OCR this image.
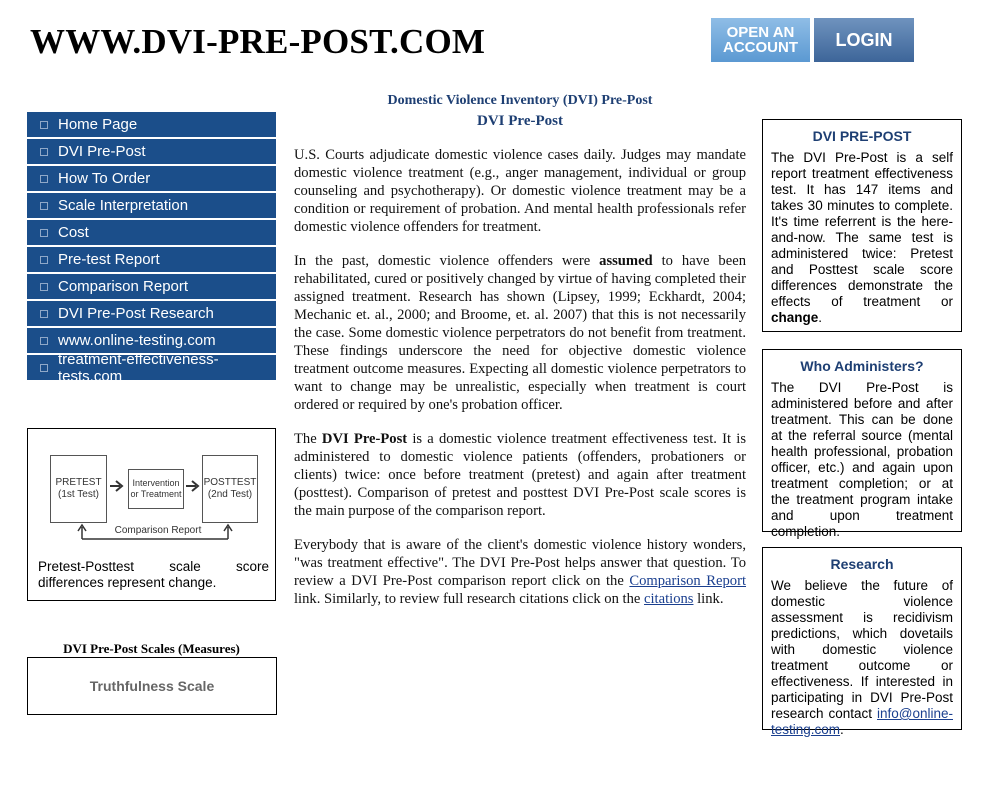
WWW.DVI-PRE-POST.COM	OPEN AN ACCOUNT	LOGIN
Home Page
DVI Pre-Post
How To Order
Scale Interpretation
Cost
Pre-test Report
Comparison Report
DVI Pre-Post Research
www.online-testing.com
treatment-effectiveness-tests.com
PRETEST
(1st Test)
Intervention or Treatment
POSTTEST
(2nd Test)
Comparison Report

Pretest-Posttest scale score differences represent change.

DVI Pre-Post Scales (Measures)
Truthfulness Scale
Domestic Violence Inventory (DVI) Pre-Post
DVI Pre-Post

U.S. Courts adjudicate domestic violence cases daily. Judges may mandate domestic violence treatment (e.g., anger management, individual or group counseling and psychotherapy). Or domestic violence treatment may be a condition or requirement of probation. And mental health professionals refer domestic violence offenders for treatment.

In the past, domestic violence offenders were assumed to have been rehabilitated, cured or positively changed by virtue of having completed their assigned treatment. Research has shown (Lipsey, 1999; Eckhardt, 2004; Mechanic et. al., 2000; and Broome, et. al. 2007) that this is not necessarily the case. Some domestic violence perpetrators do not benefit from treatment. These findings underscore the need for objective domestic violence treatment outcome measures. Expecting all domestic violence perpetrators to want to change may be unrealistic, especially when treatment is court ordered or required by one's probation officer.

The DVI Pre-Post is a domestic violence treatment effectiveness test. It is administered to domestic violence patients (offenders, probationers or clients) twice: once before treatment (pretest) and again after treatment (posttest). Comparison of pretest and posttest DVI Pre-Post scale scores is the main purpose of the comparison report.

Everybody that is aware of the client's domestic violence history wonders, "was treatment effective". The DVI Pre-Post helps answer that question. To review a DVI Pre-Post comparison report click on the Comparison Report link. Similarly, to review full research citations click on the citations link.

DVI PRE-POST

The DVI Pre-Post is a self report treatment effectiveness test. It has 147 items and takes 30 minutes to complete. It's time referrent is the here-and-now. The same test is administered twice: Pretest and Posttest scale score differences demonstrate the effects of treatment or change.

Who Administers?

The DVI Pre-Post is administered before and after treatment. This can be done at the referral source (mental health professional, probation officer, etc.) and again upon treatment completion; or at the treatment program intake and upon treatment completion.

Research

We believe the future of domestic violence assessment is recidivism predictions, which dovetails with domestic violence treatment outcome or effectiveness. If interested in participating in DVI Pre-Post research contact info@online-testing.com.
